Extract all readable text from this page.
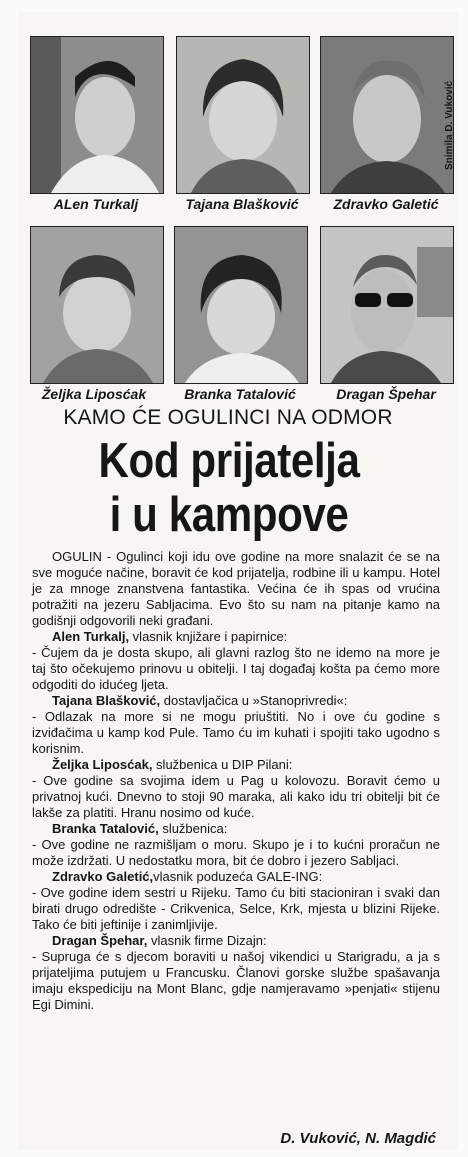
Snimila D. Vuković
ALen Turkalj	Tajana Blašković	Zdravko Galetić
Željka Liposćak	Branka Tatalović	Dragan Špehar
KAMO ĆE OGULINCI NA ODMOR
Kod prijatelja
i u kampove

OGULIN - Ogulinci koji idu ove godine na more snalazit će se na sve moguće načine, boravit će kod prijatelja, rodbine ili u kampu. Hotel je za mnoge znanstvena fantastika. Većina će ih spas od vrućina potražiti na jezeru Sabljacima. Evo što su nam na pitanje kamo na godišnji odgovorili neki građani.

Alen Turkalj, vlasnik knjižare i papirnice:

- Čujem da je dosta skupo, ali glavni razlog što ne idemo na more je taj što očekujemo prinovu u obitelji. I taj događaj košta pa ćemo more odgoditi do idućeg ljeta.

Tajana Blašković, dostavljačica u »Stanoprivredi«:

- Odlazak na more si ne mogu priuštiti. No i ove ću godine s izviđačima u kamp kod Pule. Tamo ću im kuhati i spojiti tako ugodno s korisnim.

Željka Liposćak, službenica u DIP Pilani:

- Ove godine sa svojima idem u Pag u kolovozu. Boravit ćemo u privatnoj kući. Dnevno to stoji 90 maraka, ali kako idu tri obitelji bit će lakše za platiti. Hranu nosimo od kuće.

Branka Tatalović, službenica:

- Ove godine ne razmišljam o moru. Skupo je i to kućni proračun ne može izdržati. U nedostatku mora, bit će dobro i jezero Sabljaci.

Zdravko Galetić,vlasnik poduzeća GALE-ING:

- Ove godine idem sestri u Rijeku. Tamo ću biti stacioniran i svaki dan birati drugo odredište - Crikvenica, Selce, Krk, mjesta u blizini Rijeke. Tako će biti jeftinije i zanimljivije.

Dragan Špehar, vlasnik firme Dizajn:

- Supruga će s djecom boraviti u našoj vikendici u Starigradu, a ja s prijateljima putujem u Francusku. Članovi gorske službe spašavanja imaju ekspediciju na Mont Blanc, gdje namjeravamo »penjati« stijenu Egi Dimini.

D. Vuković, N. Magdić
